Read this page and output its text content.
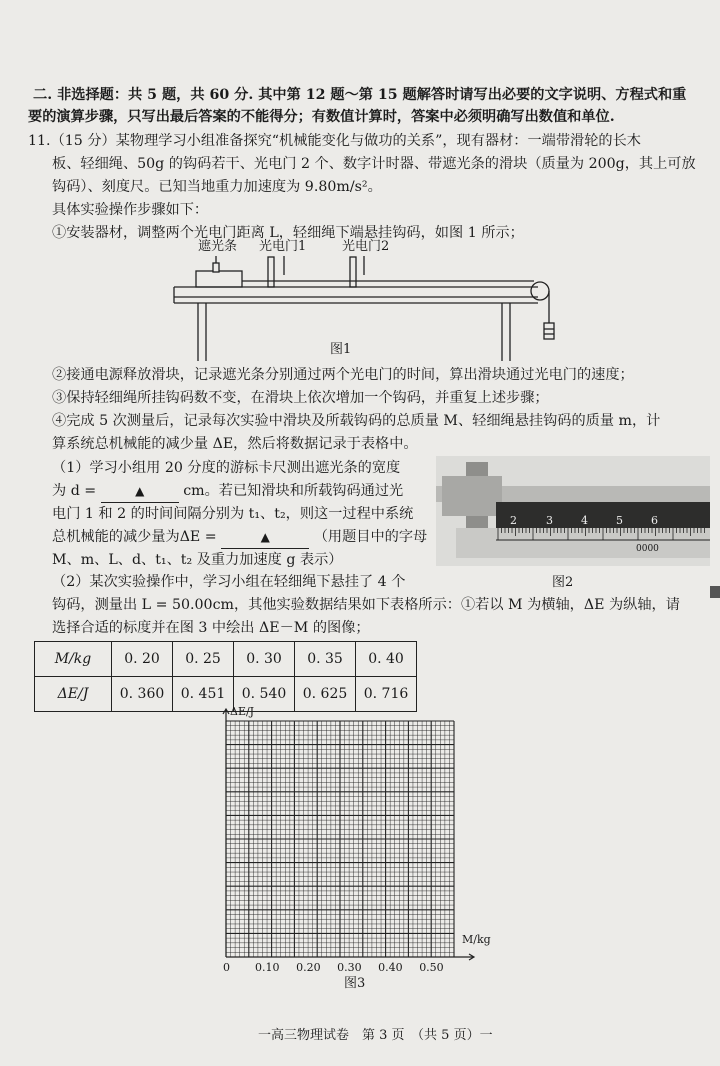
二. 非选择题：共 5 题，共 60 分. 其中第 12 题～第 15 题解答时请写出必要的文字说明、方程式和重
要的演算步骤，只写出最后答案的不能得分；有数值计算时，答案中必须明确写出数值和单位.
11.（15 分）某物理学习小组准备探究“机械能变化与做功的关系”，现有器材：一端带滑轮的长木
板、轻细绳、50g 的钩码若干、光电门 2 个、数字计时器、带遮光条的滑块（质量为 200g，其上可放
钩码）、刻度尺。已知当地重力加速度为 9.80m/s²。
具体实验操作步骤如下：
①安装器材，调整两个光电门距离 L，轻细绳下端悬挂钩码，如图 1 所示；
遮光条 光电门1	光电门2
图1
②接通电源释放滑块，记录遮光条分别通过两个光电门的时间，算出滑块通过光电门的速度；
③保持轻细绳所挂钩码数不变，在滑块上依次增加一个钩码，并重复上述步骤；
④完成 5 次测量后，记录每次实验中滑块及所载钩码的总质量 M、轻细绳悬挂钩码的质量 m，计
算系统总机械能的减少量 ΔE，然后将数据记录于表格中。
（1）学习小组用 20 分度的游标卡尺测出遮光条的宽度
为 d =	▲	cm。若已知滑块和所载钩码通过光
电门 1 和 2 的时间间隔分别为 t₁、t₂，则这一过程中系统
总机械能的减少量为ΔE =	▲	（用题目中的字母
M、m、L、d、t₁、t₂ 及重力加速度 g 表示）
2	3	4	5	6
0000
图2
（2）某次实验操作中，学习小组在轻细绳下悬挂了 4 个
钩码，测量出 L = 50.00cm，其他实验数据结果如下表格所示：①若以 M 为横轴，ΔE 为纵轴，请
选择合适的标度并在图 3 中绘出 ΔE－M 的图像；
M/kg	0. 20	0. 25	0. 30	0. 35	0. 40
ΔE/J	0. 360	0. 451	0. 540	0. 625	0. 716
ΔE/J
M/kg
0 0.10 0.20 0.30 0.40 0.50
图3
一高三物理试卷　第 3 页　（共 5 页）一
